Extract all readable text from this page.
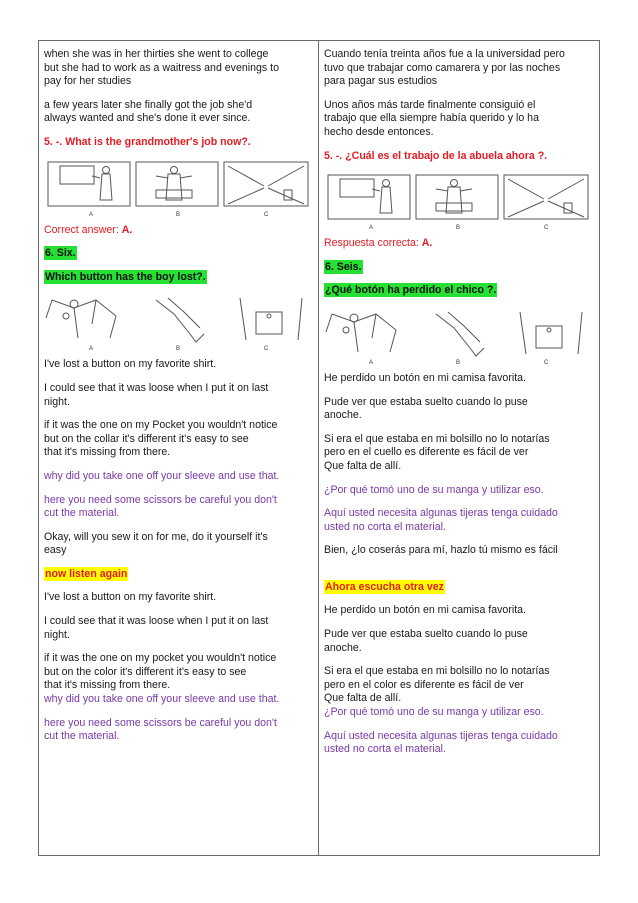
when she was in her thirties she went to college
but she had to work as a waitress and evenings to
pay for her studies
a few years later she finally got the job she'd
always wanted and she's done it ever since.
5. -. What is the grandmother's job now?.
A	B	C
Correct answer: A.
6. Six.
Which button has the boy lost?.
A	B	C
I've lost a button on my favorite shirt.
I could see that it was loose when I put it on last
night.
if it was the one on my Pocket you wouldn't notice
but on the collar it's different it's easy to see
that it's missing from there.
why did you take one off your sleeve and use that.
here you need some scissors be careful you don't
cut the material.
Okay, will you sew it on for me, do it yourself it's
easy
now listen again
I've lost a button on my favorite shirt.
I could see that it was loose when I put it on last
night.
if it was the one on my pocket you wouldn't notice
but on the color it's different it's easy to see
that it's missing from there.
why did you take one off your sleeve and use that.
here you need some scissors be careful you don't
cut the material.
Cuando tenía treinta años fue a la universidad pero
tuvo que trabajar como camarera y por las noches
para pagar sus estudios
Unos años más tarde finalmente consiguió el
trabajo que ella siempre había querido y lo ha
hecho desde entonces.
5. -. ¿Cuál es el trabajo de la abuela ahora ?.
A	B	C
Respuesta correcta: A.
6. Seis.
¿Qué botón ha perdido el chico ?.
A	B	C
He perdido un botón en mi camisa favorita.
Pude ver que estaba suelto cuando lo puse
anoche.
Si era el que estaba en mi bolsillo no lo notarías
pero en el cuello es diferente es fácil de ver
Que falta de allí.
¿Por qué tomó uno de su manga y utilizar eso.
Aquí usted necesita algunas tijeras tenga cuidado
usted no corta el material.
Bien, ¿lo coserás para mí, hazlo tú mismo es fácil
Ahora escucha otra vez
He perdido un botón en mi camisa favorita.
Pude ver que estaba suelto cuando lo puse
anoche.
Si era el que estaba en mi bolsillo no lo notarías
pero en el color es diferente es fácil de ver
Que falta de allí.
¿Por qué tomó uno de su manga y utilizar eso.
Aquí usted necesita algunas tijeras tenga cuidado
usted no corta el material.
